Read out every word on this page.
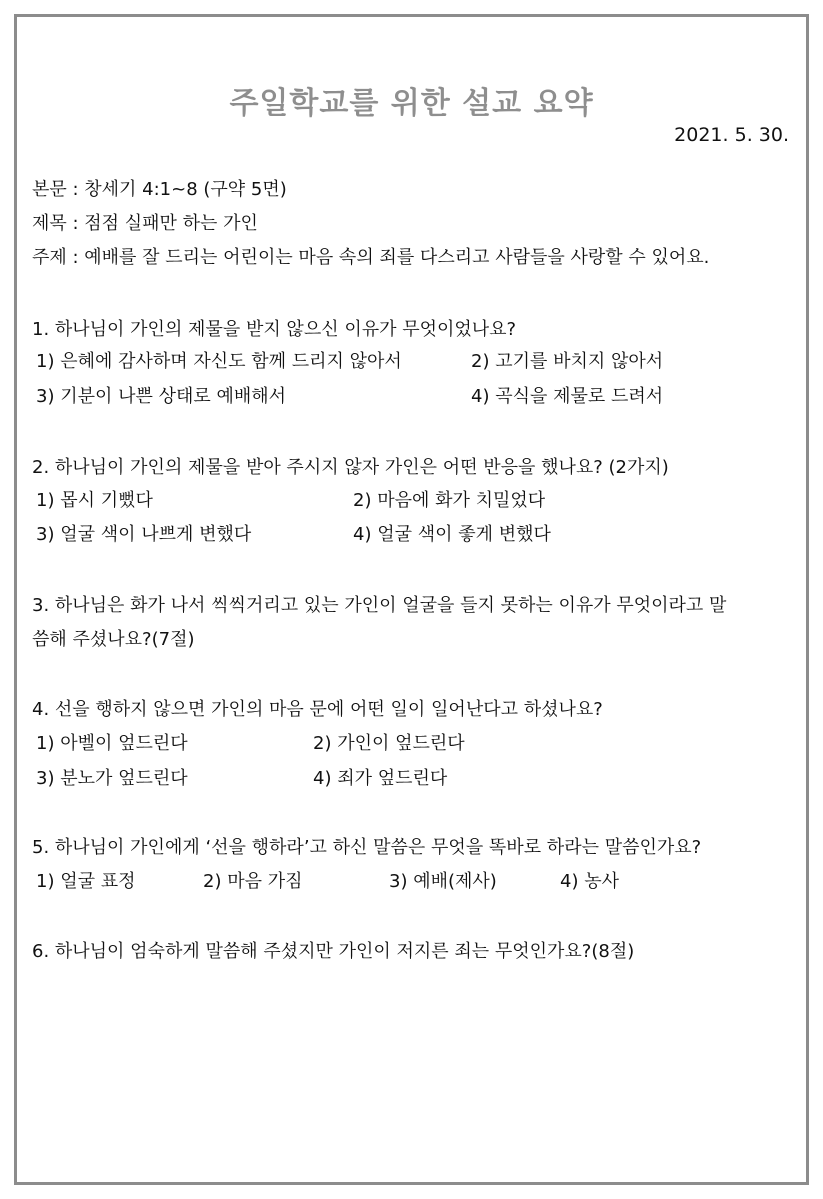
주일학교를 위한 설교 요약
2021. 5. 30.
본문 : 창세기 4:1~8 (구약 5면)
제목 : 점점 실패만 하는 가인
주제 : 예배를 잘 드리는 어린이는 마음 속의 죄를 다스리고 사람들을 사랑할 수 있어요.
1. 하나님이 가인의 제물을 받지 않으신 이유가 무엇이었나요?
1) 은혜에 감사하며 자신도 함께 드리지 않아서	2) 고기를 바치지 않아서
3) 기분이 나쁜 상태로 예배해서	4) 곡식을 제물로 드려서
2. 하나님이 가인의 제물을 받아 주시지 않자 가인은 어떤 반응을 했나요? (2가지)
1) 몹시 기뻤다	2) 마음에 화가 치밀었다
3) 얼굴 색이 나쁘게 변했다	4) 얼굴 색이 좋게 변했다
3. 하나님은 화가 나서 씩씩거리고 있는 가인이 얼굴을 들지 못하는 이유가 무엇이라고 말
씀해 주셨나요?(7절)
4. 선을 행하지 않으면 가인의 마음 문에 어떤 일이 일어난다고 하셨나요?
1) 아벨이 엎드린다	2) 가인이 엎드린다
3) 분노가 엎드린다	4) 죄가 엎드린다
5. 하나님이 가인에게 ‘선을 행하라’고 하신 말씀은 무엇을 똑바로 하라는 말씀인가요?
1) 얼굴 표정	2) 마음 가짐	3) 예배(제사)	4) 농사
6. 하나님이 엄숙하게 말씀해 주셨지만 가인이 저지른 죄는 무엇인가요?(8절)
